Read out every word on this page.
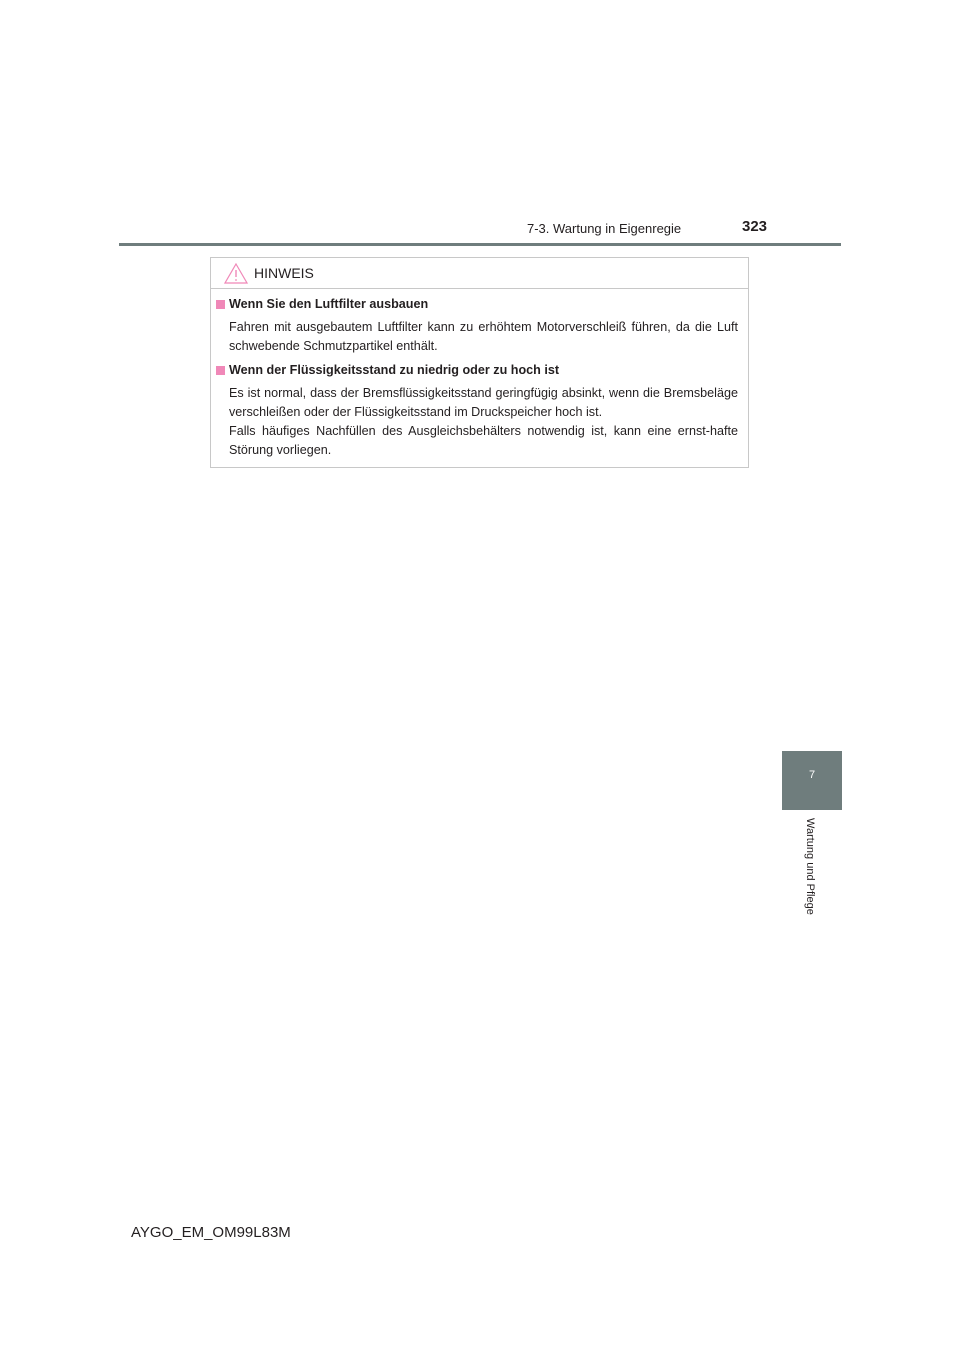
7-3. Wartung in Eigenregie	323
HINWEIS
Wenn Sie den Luftfilter ausbauen
Fahren mit ausgebautem Luftfilter kann zu erhöhtem Motorverschleiß führen, da die Luft schwebende Schmutzpartikel enthält.
Wenn der Flüssigkeitsstand zu niedrig oder zu hoch ist
Es ist normal, dass der Bremsflüssigkeitsstand geringfügig absinkt, wenn die Bremsbeläge verschleißen oder der Flüssigkeitsstand im Druckspeicher hoch ist.
Falls häufiges Nachfüllen des Ausgleichsbehälters notwendig ist, kann eine ernst-hafte Störung vorliegen.
7
Wartung und Pflege
AYGO_EM_OM99L83M
